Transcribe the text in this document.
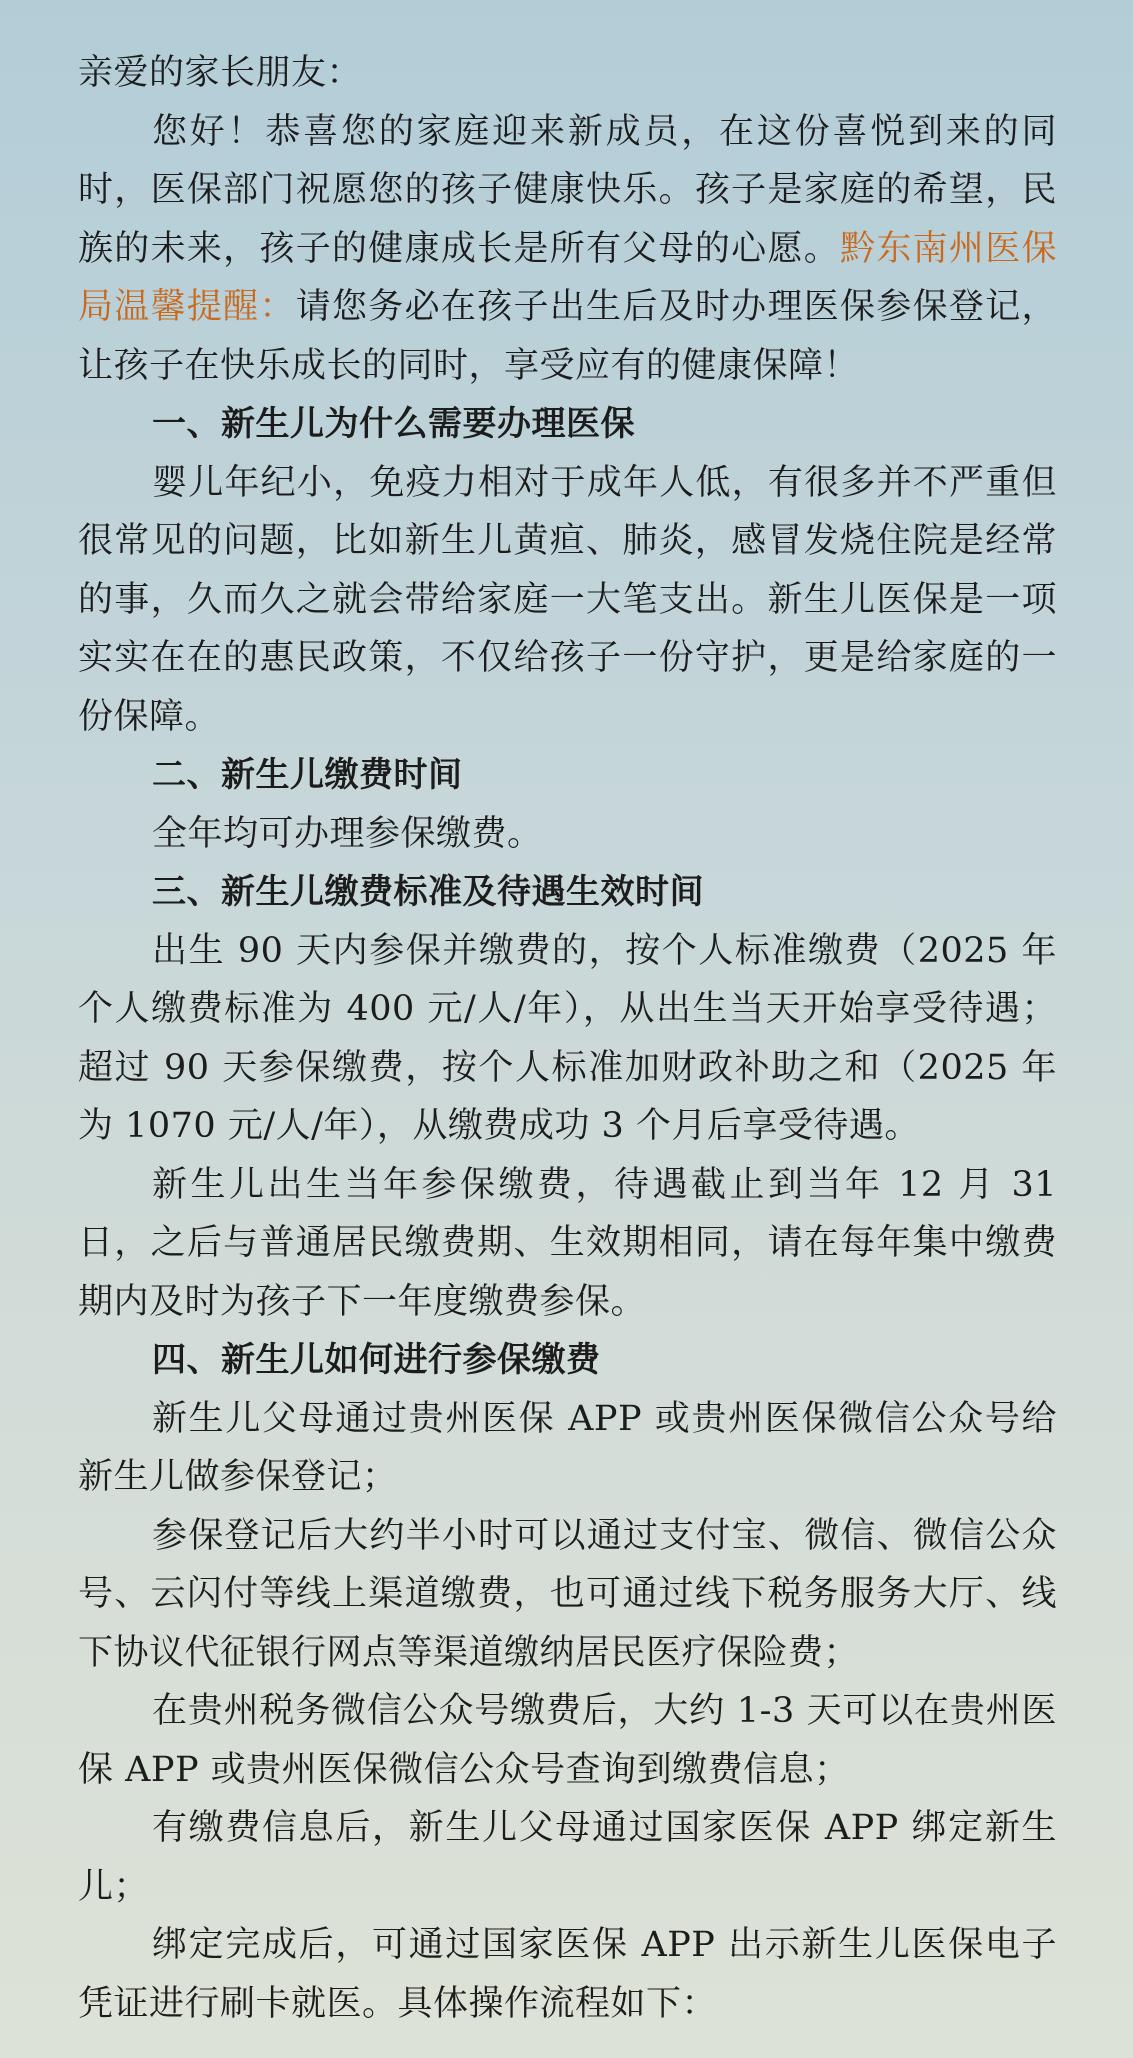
亲爱的家长朋友：

您好！恭喜您的家庭迎来新成员，在这份喜悦到来的同时，医保部门祝愿您的孩子健康快乐。孩子是家庭的希望，民族的未来，孩子的健康成长是所有父母的心愿。黔东南州医保局温馨提醒：请您务必在孩子出生后及时办理医保参保登记，让孩子在快乐成长的同时，享受应有的健康保障！

一、新生儿为什么需要办理医保

婴儿年纪小，免疫力相对于成年人低，有很多并不严重但很常见的问题，比如新生儿黄疸、肺炎，感冒发烧住院是经常的事，久而久之就会带给家庭一大笔支出。新生儿医保是一项实实在在的惠民政策，不仅给孩子一份守护，更是给家庭的一份保障。

二、新生儿缴费时间

全年均可办理参保缴费。

三、新生儿缴费标准及待遇生效时间

出生 90 天内参保并缴费的，按个人标准缴费（2025 年个人缴费标准为 400 元/人/年），从出生当天开始享受待遇；超过 90 天参保缴费，按个人标准加财政补助之和（2025 年为 1070 元/人/年），从缴费成功 3 个月后享受待遇。

新生儿出生当年参保缴费，待遇截止到当年 12 月 31 日，之后与普通居民缴费期、生效期相同，请在每年集中缴费期内及时为孩子下一年度缴费参保。

四、新生儿如何进行参保缴费

新生儿父母通过贵州医保 APP 或贵州医保微信公众号给新生儿做参保登记；

参保登记后大约半小时可以通过支付宝、微信、微信公众号、云闪付等线上渠道缴费，也可通过线下税务服务大厅、线下协议代征银行网点等渠道缴纳居民医疗保险费；

在贵州税务微信公众号缴费后，大约 1-3 天可以在贵州医保 APP 或贵州医保微信公众号查询到缴费信息；

有缴费信息后，新生儿父母通过国家医保 APP 绑定新生儿；

绑定完成后，可通过国家医保 APP 出示新生儿医保电子凭证进行刷卡就医。具体操作流程如下：
